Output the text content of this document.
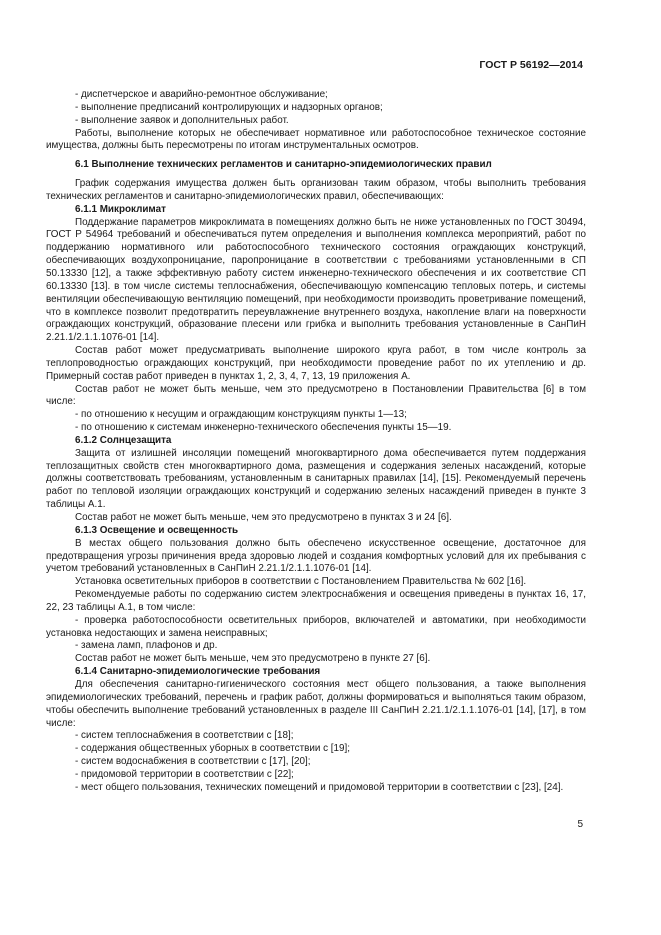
ГОСТ Р 56192—2014

- диспетчерское и аварийно-ремонтное обслуживание;

- выполнение предписаний контролирующих и надзорных органов;

- выполнение заявок и дополнительных работ.

Работы, выполнение которых не обеспечивает нормативное или работоспособное техническое состояние имущества, должны быть пересмотрены по итогам инструментальных осмотров.

6.1 Выполнение технических регламентов и санитарно-эпидемиологических правил

График содержания имущества должен быть организован таким образом, чтобы выполнить требования технических регламентов и санитарно-эпидемиологических правил, обеспечивающих:

6.1.1 Микроклимат

Поддержание параметров микроклимата в помещениях должно быть не ниже установленных по ГОСТ 30494, ГОСТ Р 54964 требований и обеспечиваться путем определения и выполнения комплекса мероприятий, работ по поддержанию нормативного или работоспособного технического состояния ограждающих конструкций, обеспечивающих воздухопроницание, паропроницание в соответствии с требованиями установленными в СП 50.13330 [12], а также эффективную работу систем инженерно-технического обеспечения и их соответствие СП 60.13330 [13]. в том числе системы теплоснабжения, обеспечивающую компенсацию тепловых потерь, и системы вентиляции обеспечивающую вентиляцию помещений, при необходимости производить проветривание помещений, что в комплексе позволит предотвратить переувлажнение внутреннего воздуха, накопление влаги на поверхности ограждающих конструкций, образование плесени или грибка и выполнить требования установленные в СанПиН 2.21.1/2.1.1.1076-01 [14].

Состав работ может предусматривать выполнение широкого круга работ, в том числе контроль за теплопроводностью ограждающих конструкций, при необходимости проведение работ по их утеплению и др. Примерный состав работ приведен в пунктах 1, 2, 3, 4, 7, 13, 19 приложения А.

Состав работ не может быть меньше, чем это предусмотрено в Постановлении Правительства [6] в том числе:

- по отношению к несущим и ограждающим конструкциям пункты 1—13;

- по отношению к системам инженерно-технического обеспечения пункты 15—19.

6.1.2 Солнцезащита

Защита от излишней инсоляции помещений многоквартирного дома обеспечивается путем поддержания теплозащитных свойств стен многоквартирного дома, размещения и содержания зеленых насаждений, которые должны соответствовать требованиям, установленным в санитарных правилах [14], [15]. Рекомендуемый перечень работ по тепловой изоляции ограждающих конструкций и содержанию зеленых насаждений приведен в пункте 3 таблицы А.1.

Состав работ не может быть меньше, чем это предусмотрено в пунктах 3 и 24 [6].

6.1.3 Освещение и освещенность

В местах общего пользования должно быть обеспечено искусственное освещение, достаточное для предотвращения угрозы причинения вреда здоровью людей и создания комфортных условий для их пребывания с учетом требований установленных в СанПиН 2.21.1/2.1.1.1076-01 [14].

Установка осветительных приборов в соответствии с Постановлением Правительства № 602 [16].

Рекомендуемые работы по содержанию систем электроснабжения и освещения приведены в пунктах 16, 17, 22, 23 таблицы А.1, в том числе:

- проверка работоспособности осветительных приборов, включателей и автоматики, при необходимости установка недостающих и замена неисправных;

- замена ламп, плафонов и др.

Состав работ не может быть меньше, чем это предусмотрено в пункте 27 [6].

6.1.4 Санитарно-эпидемиологические требования

Для обеспечения санитарно-гигиенического состояния мест общего пользования, а также выполнения эпидемиологических требований, перечень и график работ, должны формироваться и выполняться таким образом, чтобы обеспечить выполнение требований установленных в разделе III СанПиН 2.21.1/2.1.1.1076-01 [14], [17], в том числе:

- систем теплоснабжения в соответствии с [18];

- содержания общественных уборных в соответствии с [19];

- систем водоснабжения в соответствии с [17], [20];

- придомовой территории в соответствии с [22];

- мест общего пользования, технических помещений и придомовой территории в соответствии с [23], [24].

5
